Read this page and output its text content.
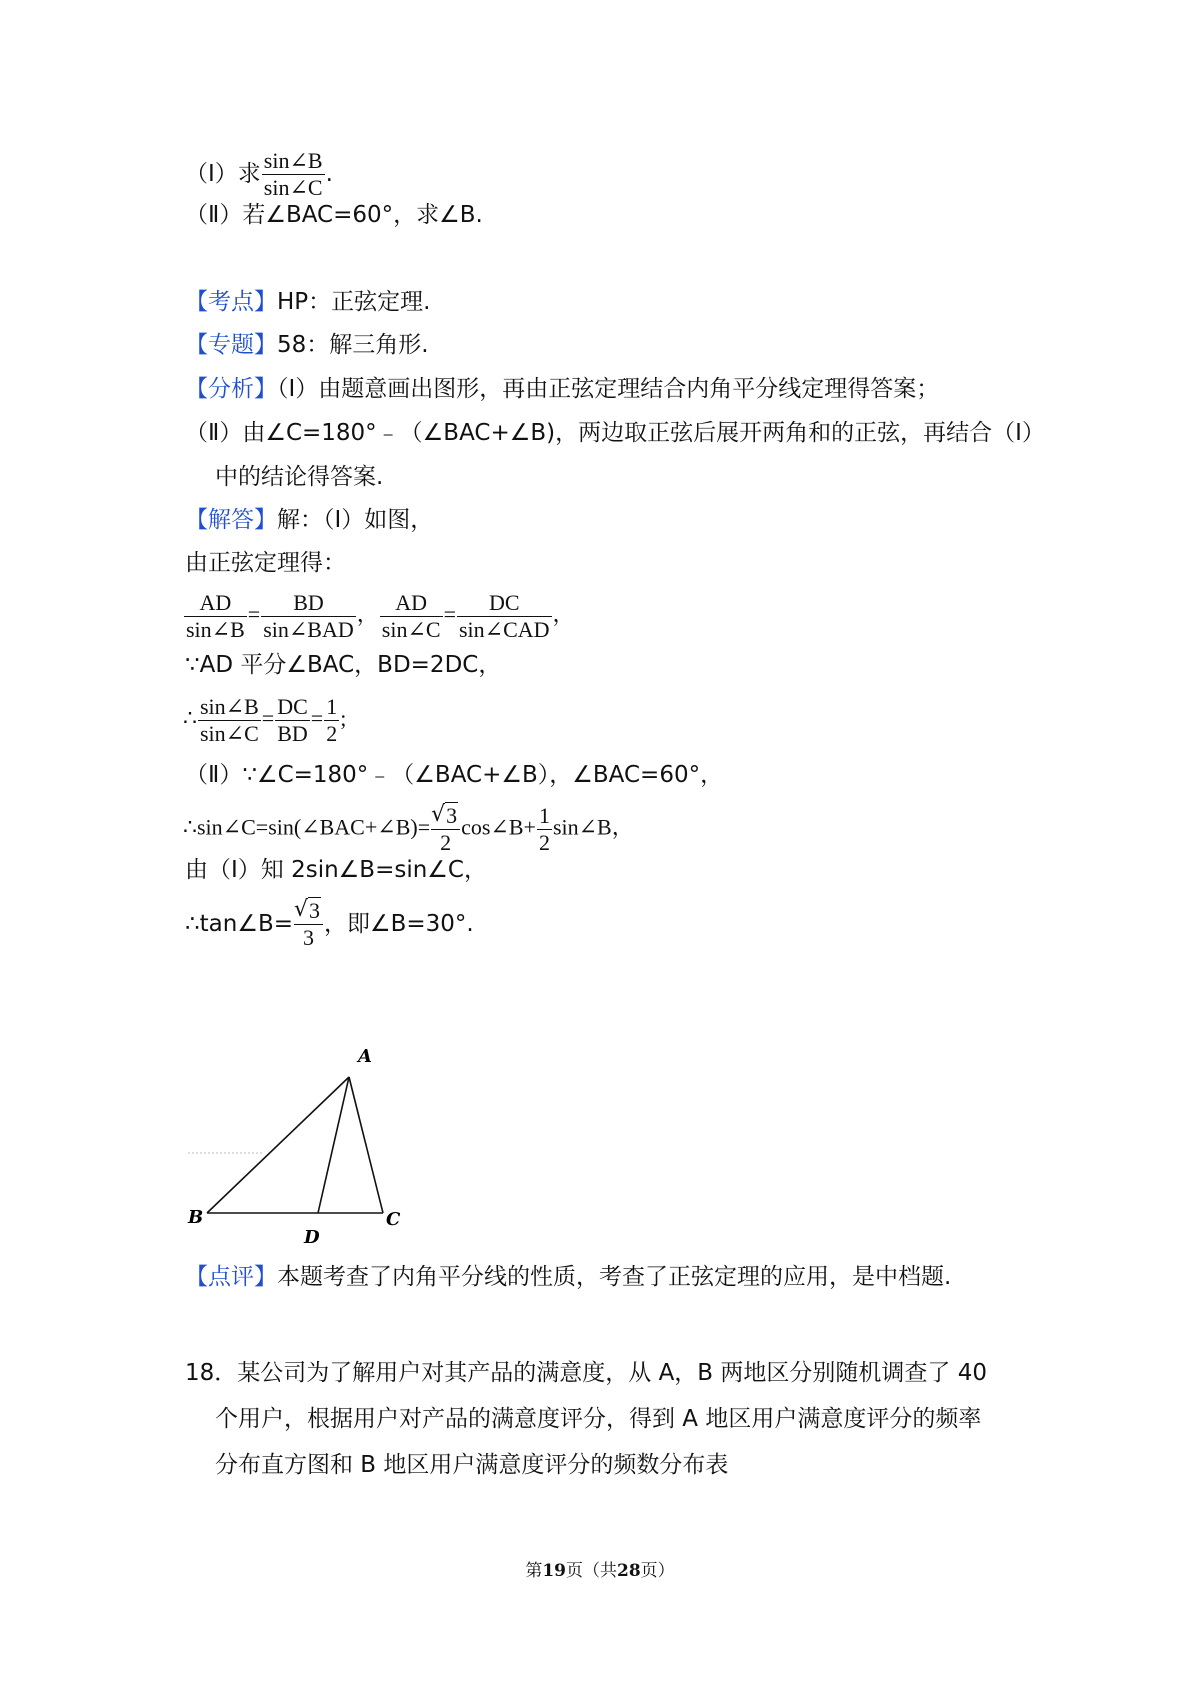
（Ⅰ）求 $\frac{\sin\angle B}{\sin\angle C}$ .
（Ⅱ）若∠BAC=60°，求∠B.
【考点】HP：正弦定理.
【专题】58：解三角形.
【分析】（Ⅰ）由题意画出图形，再由正弦定理结合内角平分线定理得答案；
（Ⅱ）由∠C=180°﹣（∠BAC+∠B)，两边取正弦后展开两角和的正弦，再结合（Ⅰ）
中的结论得答案.
【解答】解：（Ⅰ）如图，
由正弦定理得：
$\frac{AD}{\sin\angle B} = \frac{BD}{\text{sin∠BAD}}$ ， $\frac{AD}{\sin\angle C} = \frac{DC}{\text{sin∠CAD}}$ ，
∵AD 平分∠BAC，BD=2DC，
∴ $\frac{\sin\angle B}{\sin\angle C} = \frac{DC}{BD} = \frac{1}{2}$ ;
（Ⅱ）∵∠C=180°﹣（∠BAC+∠B），∠BAC=60°，
∴sin∠C=sin(∠BAC+∠B)= √ $\frac{3}{2}$ cos∠B+ $\frac{1}{2}$ sin∠B，
由（Ⅰ）知 2sin∠B=sin∠C，
∴tan∠B= √ $\frac{3}{3}$ ，即∠B=30°.
A
B	C
D
【点评】本题考查了内角平分线的性质，考查了正弦定理的应用，是中档题.
18．某公司为了解用户对其产品的满意度，从 A，B 两地区分别随机调查了 40
个用户，根据用户对产品的满意度评分，得到 A 地区用户满意度评分的频率
分布直方图和 B 地区用户满意度评分的频数分布表
第19页（共28页）
